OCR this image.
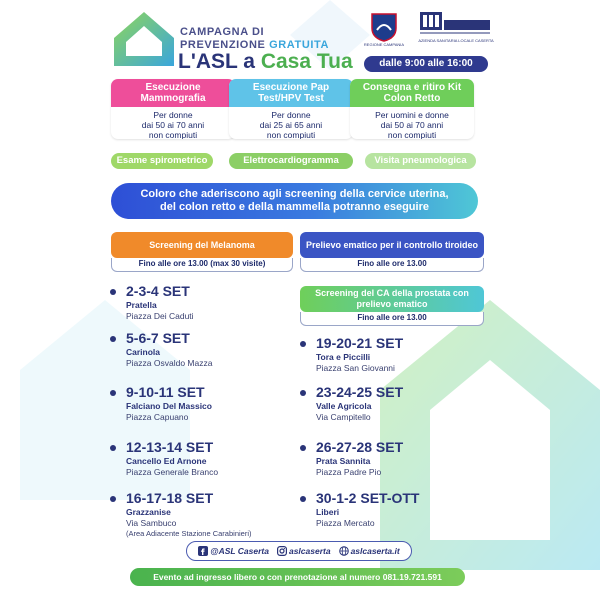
CAMPAGNA DI
PREVENZIONE GRATUITA
L'ASL a Casa Tua
REGIONE CAMPANIA
AZIENDA SANITARIA LOCALE CASERTA
dalle 9:00 alle 16:00
Esecuzione Mammografia
Per donne
dai 50 ai 70 anni
non compiuti
Esecuzione Pap Test/HPV Test
Per donne
dai 25 ai 65 anni
non compiuti
Consegna e ritiro Kit Colon Retto
Per uomini e donne
dai 50 ai 70 anni
non compiuti
Esame spirometrico	Elettrocardiogramma	Visita pneumologica
Coloro che aderiscono agli screening della cervice uterina,
del colon retto e della mammella potranno eseguire
Screening del Melanoma
Fino alle ore 13.00 (max 30 visite)
Prelievo ematico per il controllo tiroideo
Fino alle ore 13.00
Screening del CA della prostata con prelievo ematico
Fino alle ore 13.00
2-3-4 SET
Pratella
Piazza Dei Caduti
5-6-7 SET
Carinola
Piazza Osvaldo Mazza
9-10-11 SET
Falciano Del Massico
Piazza Capuano
12-13-14 SET
Cancello Ed Arnone
Piazza Generale Branco
16-17-18 SET
Grazzanise
Via Sambuco
(Area Adiacente Stazione Carabinieri)
19-20-21 SET
Tora e Piccilli
Piazza San Giovanni
23-24-25 SET
Valle Agricola
Via Campitello
26-27-28 SET
Prata Sannita
Piazza Padre Pio
30-1-2 SET-OTT
Liberi
Piazza Mercato
@ASL Caserta aslcaserta aslcaserta.it
Evento ad ingresso libero o con prenotazione al numero 081.19.721.591
